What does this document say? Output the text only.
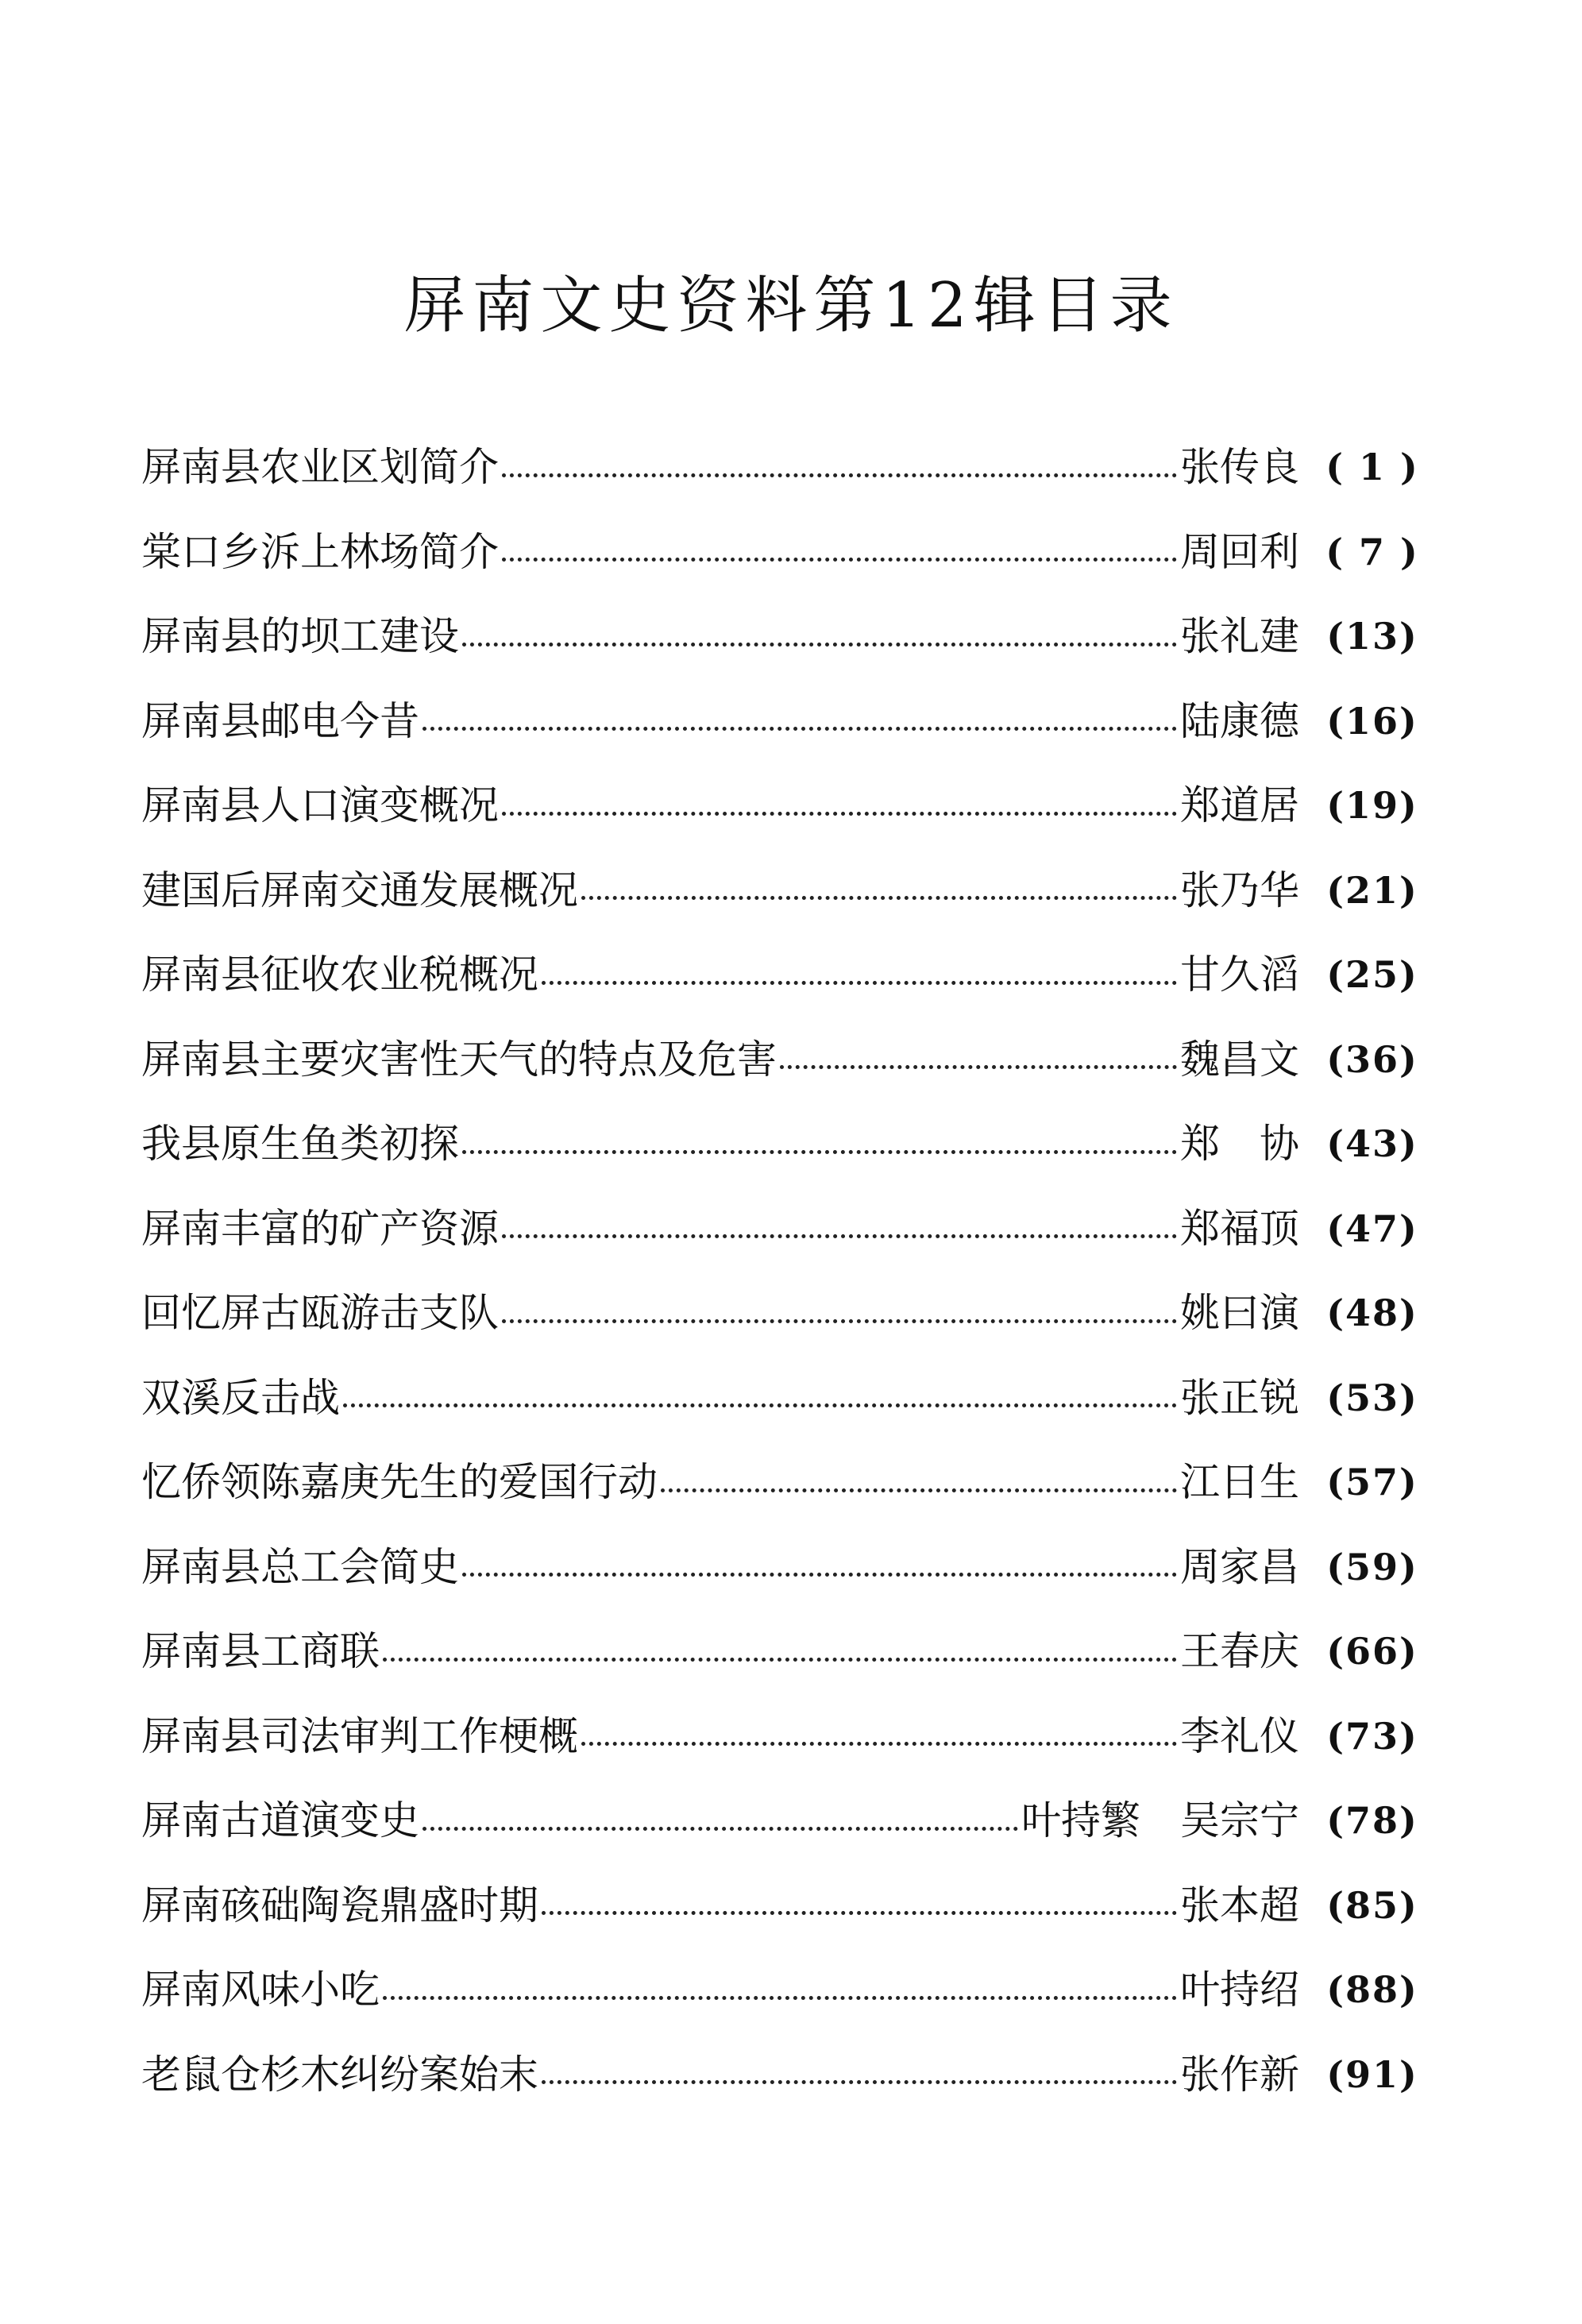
屏南文史资料第12辑目录
屏南县农业区划简介	张传良 ( 1 )
棠口乡泝上林场简介	周回利 ( 7 )
屏南县的坝工建设	张礼建 (13)
屏南县邮电今昔	陆康德 (16)
屏南县人口演变概况	郑道居 (19)
建国后屏南交通发展概况	张乃华 (21)
屏南县征收农业税概况	甘久滔 (25)
屏南县主要灾害性天气的特点及危害	魏昌文 (36)
我县原生鱼类初探	郑　协 (43)
屏南丰富的矿产资源	郑福顶 (47)
回忆屏古瓯游击支队	姚曰演 (48)
双溪反击战	张正锐 (53)
忆侨领陈嘉庚先生的爱国行动	江日生 (57)
屏南县总工会简史	周家昌 (59)
屏南县工商联	王春庆 (66)
屏南县司法审判工作梗概	李礼仪 (73)
屏南古道演变史	叶持繁　吴宗宁 (78)
屏南硋础陶瓷鼎盛时期	张本超 (85)
屏南风味小吃	叶持绍 (88)
老鼠仓杉木纠纷案始末	张作新 (91)
